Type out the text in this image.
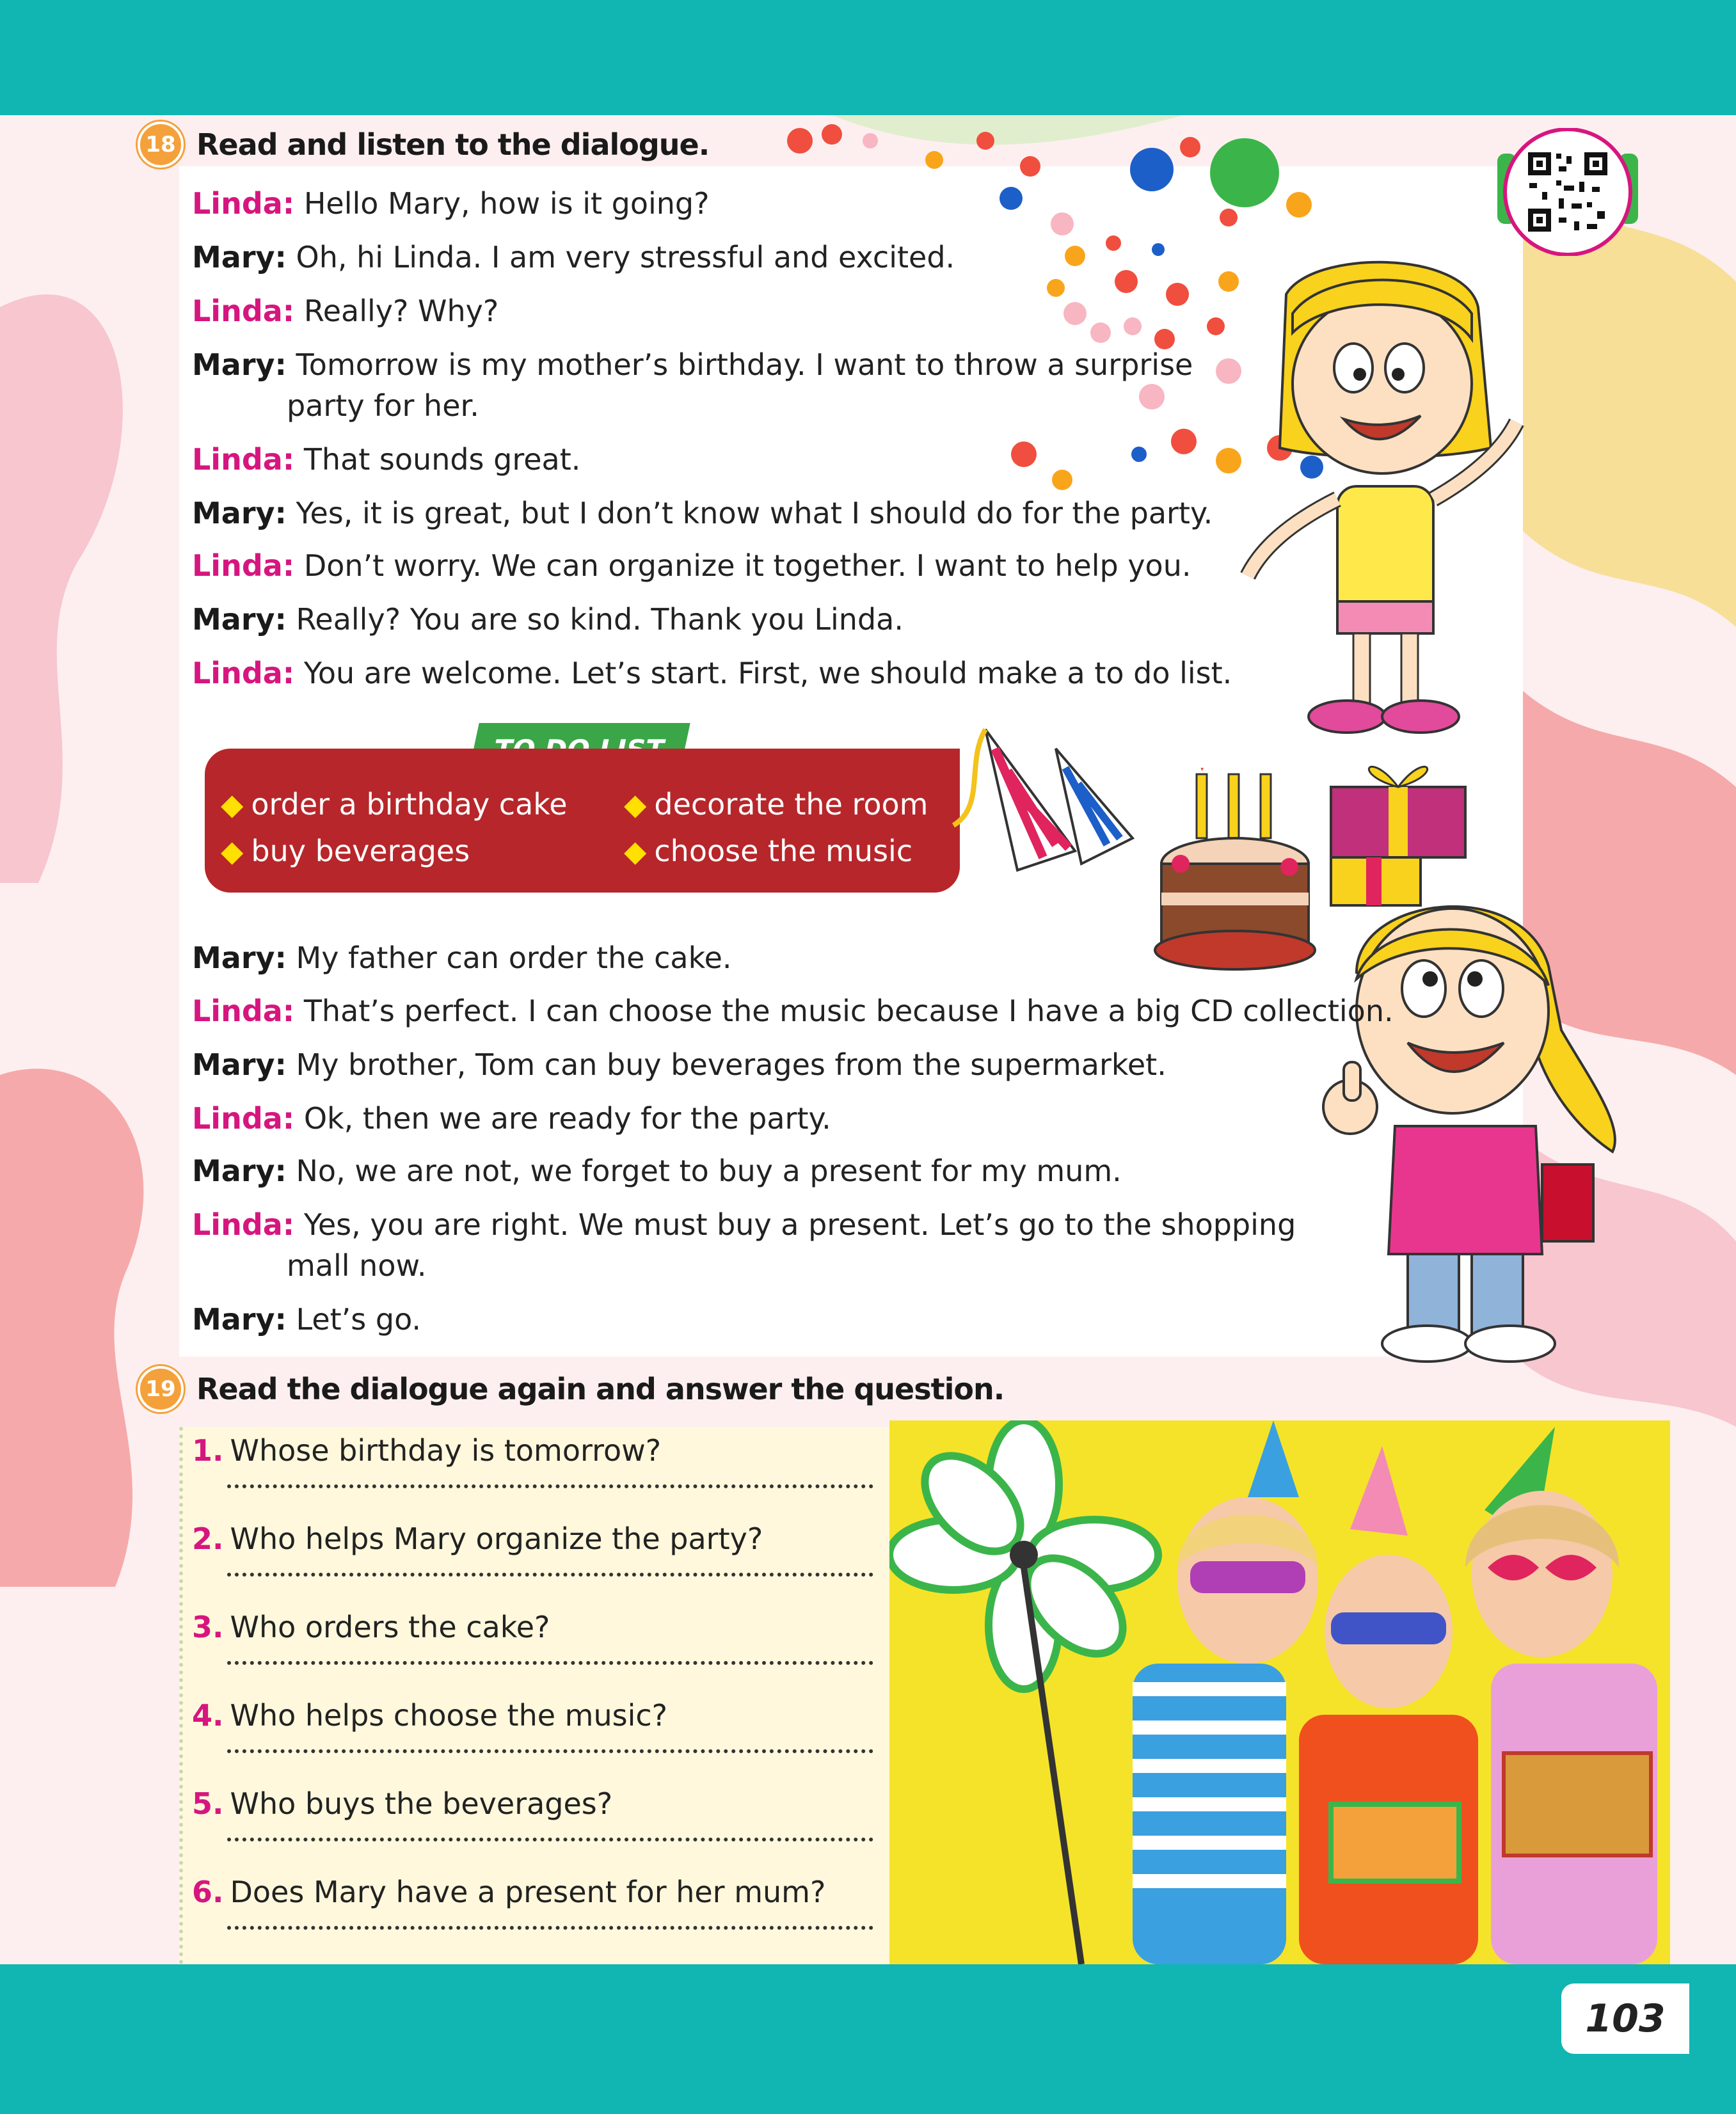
18 Read and listen to the dialogue.
Linda: Hello Mary, how is it going?
Mary: Oh, hi Linda. I am very stressful and excited.
Linda: Really? Why?
Mary: Tomorrow is my mother’s birthday. I want to throw a surprise
party for her.
Linda: That sounds great.
Mary: Yes, it is great, but I don’t know what I should do for the party.
Linda: Don’t worry. We can organize it together. I want to help you.
Mary: Really? You are so kind. Thank you Linda.
Linda: You are welcome. Let’s start. First, we should make a to do list.
◆ order a birthday cake ◆ decorate the room
◆ buy beverages	◆ choose the music
Mary: My father can order the cake.
Linda: That’s perfect. I can choose the music because I have a big CD collection.
Mary: My brother, Tom can buy beverages from the supermarket.
Linda: Ok, then we are ready for the party.
Mary: No, we are not, we forget to buy a present for my mum.
Linda: Yes, you are right. We must buy a present. Let’s go to the shopping
mall now.
Mary: Let’s go.
19 Read the dialogue again and answer the question.
1. Whose birthday is tomorrow?
2. Who helps Mary organize the party?
3. Who orders the cake?
4. Who helps choose the music?
5. Who buys the beverages?
6. Does Mary have a present for her mum?
103
